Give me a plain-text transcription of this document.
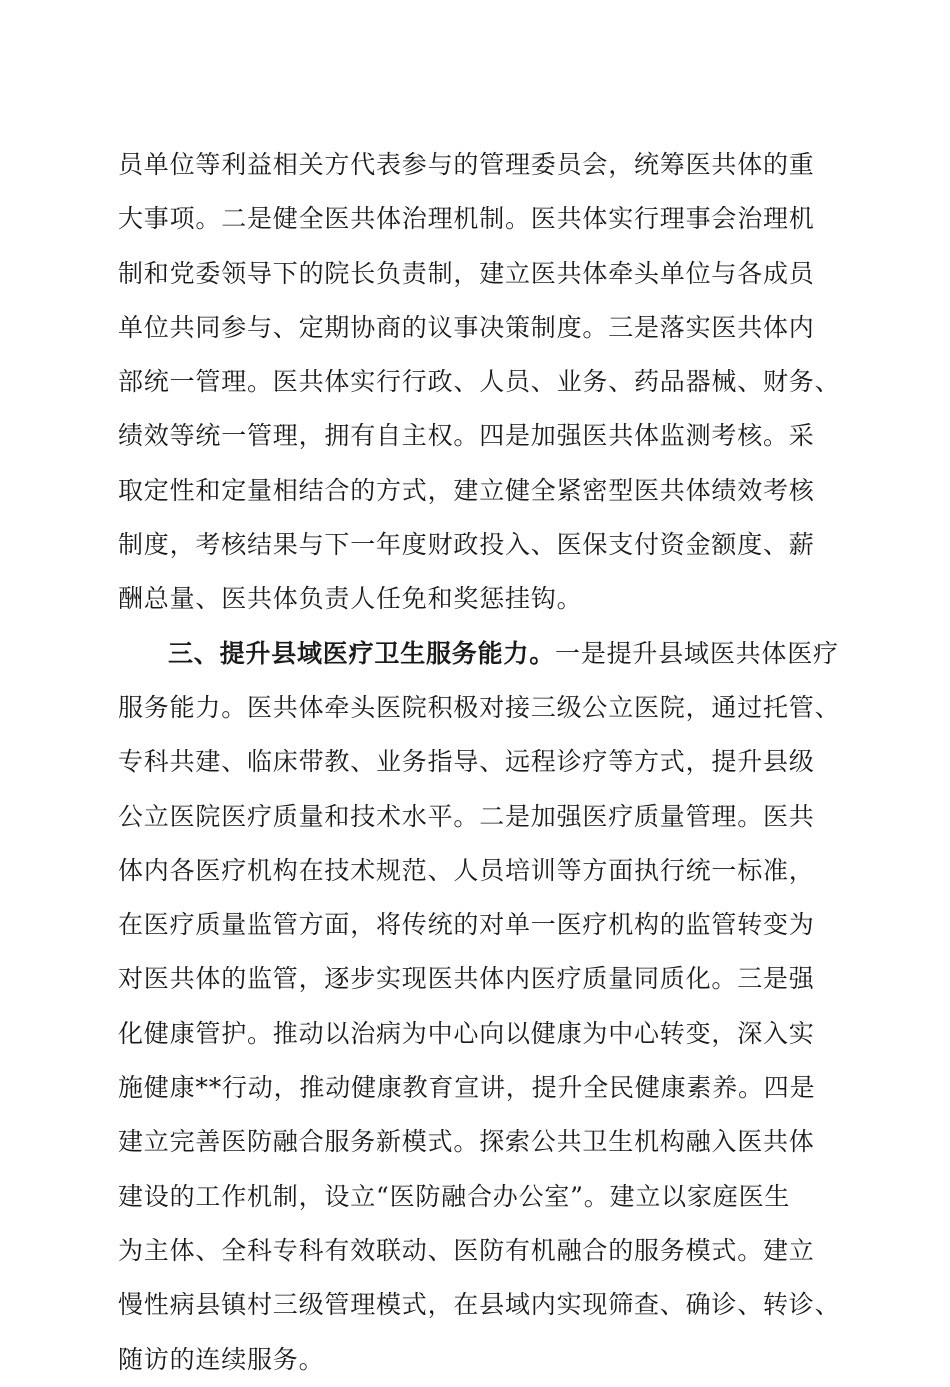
员单位等利益相关方代表参与的管理委员会，统筹医共体的重
大事项。二是健全医共体治理机制。医共体实行理事会治理机
制和党委领导下的院长负责制，建立医共体牵头单位与各成员
单位共同参与、定期协商的议事决策制度。三是落实医共体内
部统一管理。医共体实行行政、人员、业务、药品器械、财务、
绩效等统一管理，拥有自主权。四是加强医共体监测考核。采
取定性和定量相结合的方式，建立健全紧密型医共体绩效考核
制度，考核结果与下一年度财政投入、医保支付资金额度、薪
酬总量、医共体负责人任免和奖惩挂钩。
三、提升县域医疗卫生服务能力。一是提升县域医共体医疗
服务能力。医共体牵头医院积极对接三级公立医院，通过托管、
专科共建、临床带教、业务指导、远程诊疗等方式，提升县级
公立医院医疗质量和技术水平。二是加强医疗质量管理。医共
体内各医疗机构在技术规范、人员培训等方面执行统一标准，
在医疗质量监管方面，将传统的对单一医疗机构的监管转变为
对医共体的监管，逐步实现医共体内医疗质量同质化。三是强
化健康管护。推动以治病为中心向以健康为中心转变，深入实
施健康**行动，推动健康教育宣讲，提升全民健康素养。四是
建立完善医防融合服务新模式。探索公共卫生机构融入医共体
建设的工作机制，设立“医防融合办公室”。建立以家庭医生
为主体、全科专科有效联动、医防有机融合的服务模式。建立
慢性病县镇村三级管理模式，在县域内实现筛查、确诊、转诊、
随访的连续服务。
